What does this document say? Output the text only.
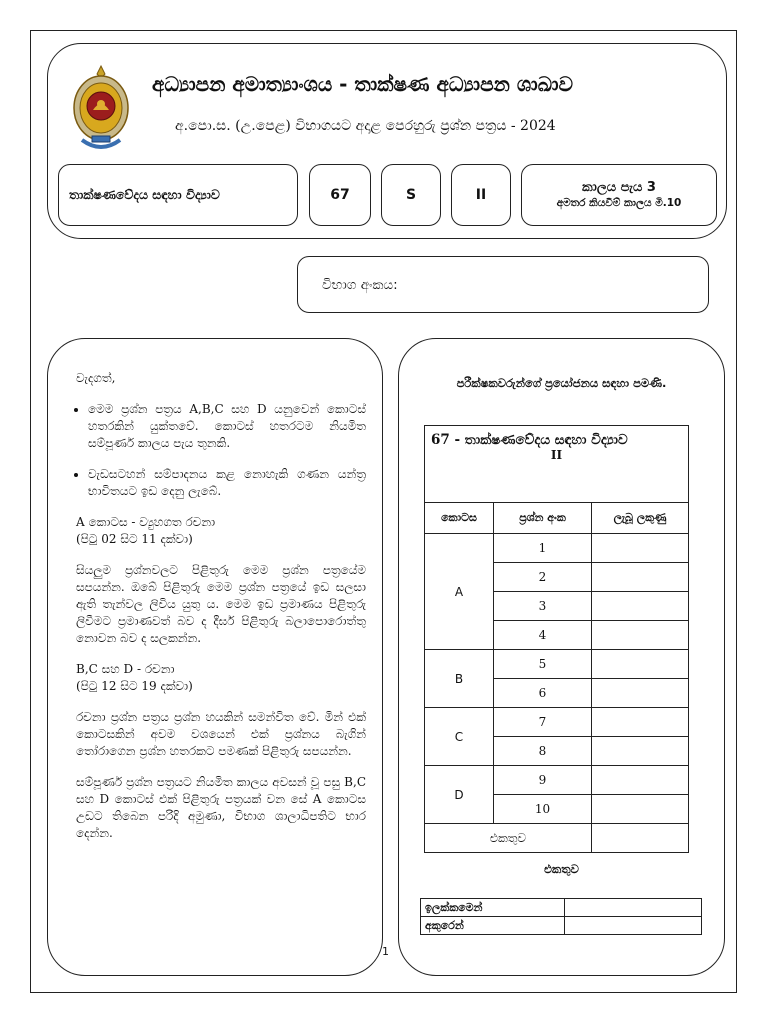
අධ්‍යාපන අමාත්‍යාංශය - තාක්ෂණ අධ්‍යාපන ශාඛාව
අ.පො.ස. (උ.පෙළ) විභාගයට අදාළ පෙරහුරු ප්‍රශ්න පත්‍රය - 2024
තාක්ෂණවේදය සඳහා විද්‍යාව	67	S	II	කාලය පැය 3
අමතර කියවීම් කාලය මි.10
විභාග අංකය:

වැදගත්,

• මෙම ප්‍රශ්න පත්‍රය A,B,C සහ D යනුවෙන් කොටස් හතරකින් යුක්තවේ. කොටස් හතරටම නියමිත සම්පූර්ණ කාලය පැය තුනකි.
• වැඩසටහන් සම්පාදනය කළ නොහැකි ගණන යන්ත්‍ර භාවිතයට ඉඩ දෙනු ලැබේ.

A කොටස - ව්‍යුහගත රචනා

(පිටු 02 සිට 11 දක්වා)

සියලුම ප්‍රශ්නවලට පිළිතුරු මෙම ප්‍රශ්න පත්‍රයේම සපයන්න. ඔබේ පිළිතුරු මෙම ප්‍රශ්න පත්‍රයේ ඉඩ සලසා ඇති තැන්වල ලිවිය යුතු ය. මෙම ඉඩ ප්‍රමාණය පිළිතුරු ලිවීමට ප්‍රමාණවත් බව ද දීර්ඝ පිළිතුරු බලාපොරොත්තු නොවන බව ද සලකන්න.

B,C සහ D - රචනා

(පිටු 12 සිට 19 දක්වා)

රචනා ප්‍රශ්න පත්‍රය ප්‍රශ්න හයකින් සමන්විත වේ. මින් එක් කොටසකින් අවම වශයෙන් එක් ප්‍රශ්නය බැගින් තෝරාගෙන ප්‍රශ්න හතරකට පමණක් පිළිතුරු සපයන්න.

සම්පූර්ණ ප්‍රශ්න පත්‍රයට නියමිත කාලය අවසන් වූ පසු B,C සහ D කොටස් එක් පිළිතුරු පත්‍රයක් වන සේ A කොටස උඩට තිබෙන පරිදි අමුණා, විභාග ශාලාධිපතිට භාර දෙන්න.

1
පරීක්ෂකවරුන්ගේ ප්‍රයෝජනය සඳහා පමණි.
67 - තාක්ෂණවේදය සඳහා විද්‍යාව
II		

කොටස	ප්‍රශ්න අංක	ලැබූ ලකුණු
A	1	
	2	
	3	
	4	
B	5	
	6	
C	7	
	8	
D	9	
	10	
එකතුව		
එකතුව
ඉලක්කමෙන්	
අකුරෙන්	
